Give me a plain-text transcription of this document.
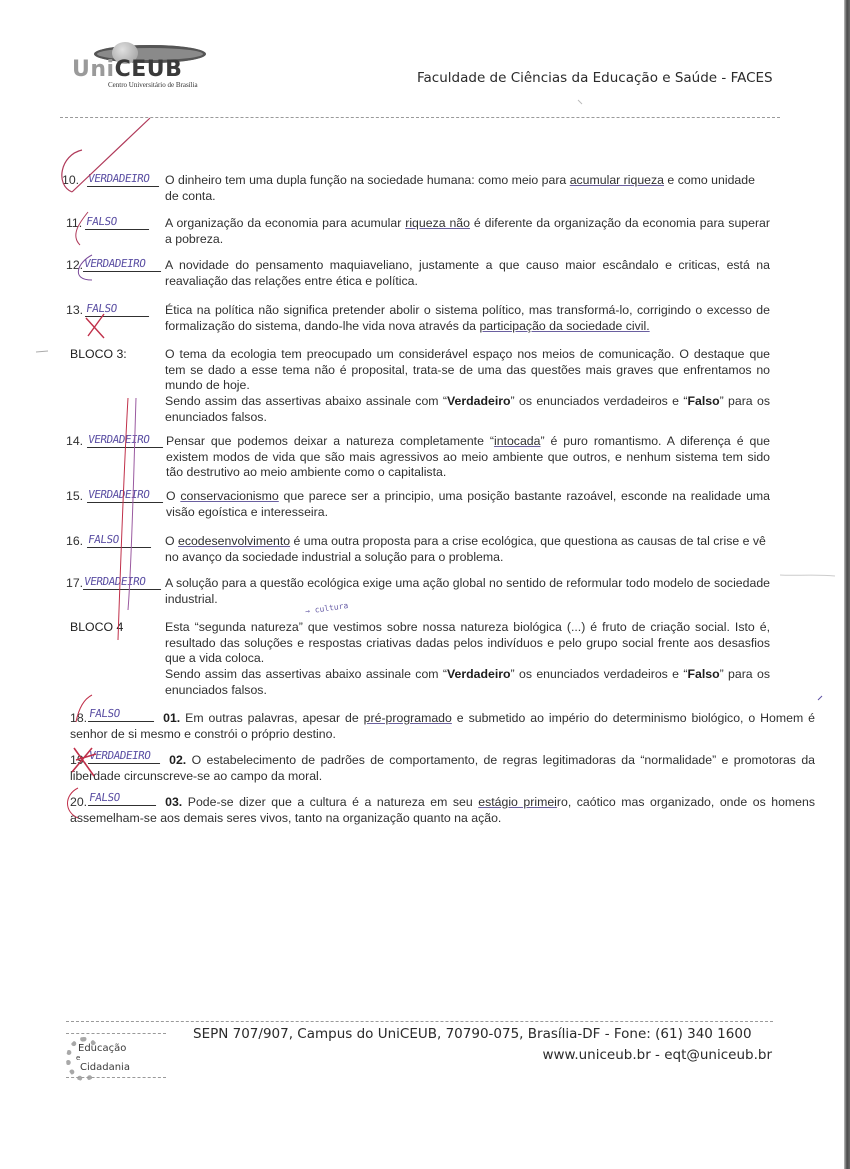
UniCEUB
Centro Universitário de Brasília	Faculdade de Ciências da Educação e Saúde - FACES
10. VERDADEIRO	O dinheiro tem uma dupla função na sociedade humana: como meio para acumular riqueza e como unidade de conta.
11. FALSO	A organização da economia para acumular riqueza não é diferente da organização da economia para superar a pobreza.
12. VERDADEIRO	A novidade do pensamento maquiaveliano, justamente a que causo maior escândalo e criticas, está na reavaliação das relações entre ética e política.
13. FALSO	Ética na política não significa pretender abolir o sistema político, mas transformá-lo, corrigindo o excesso de formalização do sistema, dando-lhe vida nova através da participação da sociedade civil.
BLOCO 3:	O tema da ecologia tem preocupado um considerável espaço nos meios de comunicação. O destaque que tem se dado a esse tema não é proposital, trata-se de uma das questões mais graves que enfrentamos no mundo de hoje.
Sendo assim das assertivas abaixo assinale com “Verdadeiro” os enunciados verdadeiros e “Falso” para os enunciados falsos.
14. VERDADEIRO	Pensar que podemos deixar a natureza completamente “intocada” é puro romantismo. A diferença é que existem modos de vida que são mais agressivos ao meio ambiente que outros, e nenhum sistema tem sido tão destrutivo ao meio ambiente como o capitalista.
15. VERDADEIRO	O conservacionismo que parece ser a principio, uma posição bastante razoável, esconde na realidade uma visão egoística e interesseira.
16. FALSO	O ecodesenvolvimento é uma outra proposta para a crise ecológica, que questiona as causas de tal crise e vê no avanço da sociedade industrial a solução para o problema.
17. VERDADEIRO	A solução para a questão ecológica exige uma ação global no sentido de reformular todo modelo de sociedade industrial.
→ cultura
BLOCO 4	Esta “segunda natureza” que vestimos sobre nossa natureza biológica (...) é fruto de criação social. Isto é, resultado das soluções e respostas criativas dadas pelos indivíduos e pelo grupo social frente aos desasfios que a vida coloca.
Sendo assim das assertivas abaixo assinale com “Verdadeiro” os enunciados verdadeiros e “Falso” para os enunciados falsos.
18.FALSO	01. Em outras palavras, apesar de pré-programado e submetido ao império do determinismo biológico, o Homem é senhor de si mesmo e constrói o próprio destino.
19.VERDADEIRO 02. O estabelecimento de padrões de comportamento, de regras legitimadoras da “normalidade” e promotoras da liberdade circunscreve-se ao campo da moral.
20.FALSO	03. Pode-se dizer que a cultura é a natureza em seu estágio primeiro, caótico mas organizado, onde os homens assemelham-se aos demais seres vivos, tanto na organização quanto na ação.
Educação
e
Cidadania
SEPN 707/907, Campus do UniCEUB, 70790-075, Brasília-DF - Fone: (61) 340 1600
www.uniceub.br - eqt@uniceub.br
